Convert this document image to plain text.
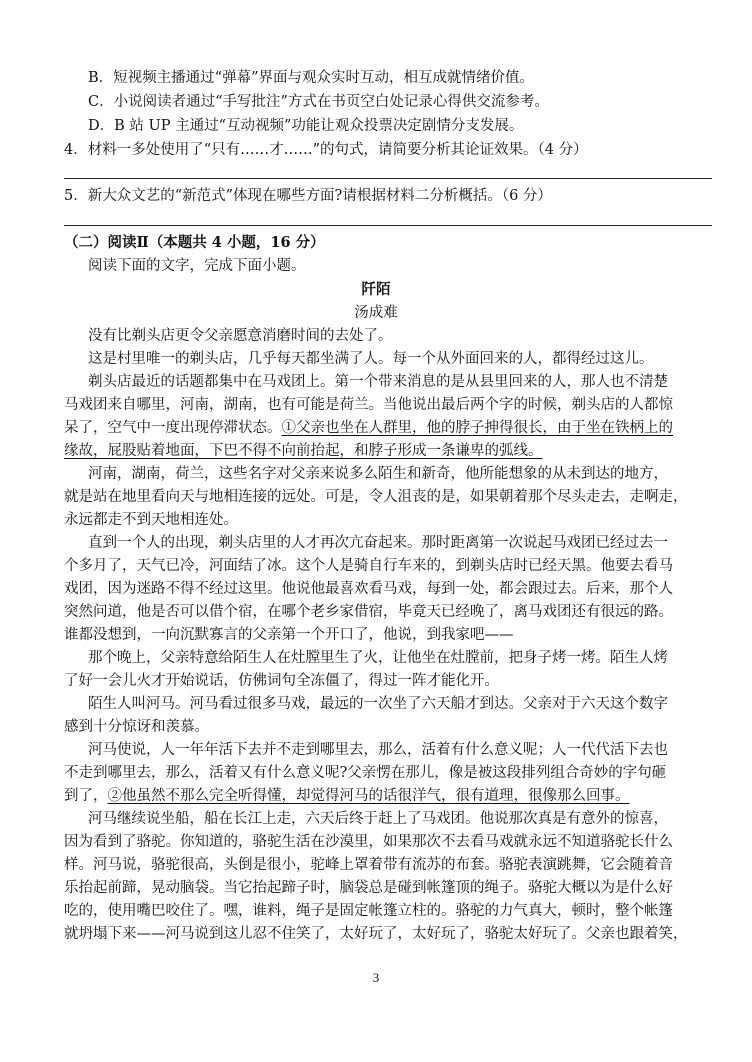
B．短视频主播通过“弹幕”界面与观众实时互动，相互成就情绪价值。
C．小说阅读者通过“手写批注”方式在书页空白处记录心得供交流参考。
D．B 站 UP 主通过“互动视频”功能让观众投票决定剧情分支发展。
4．材料一多处使用了“只有……才……”的句式，请简要分析其论证效果。（4 分）
5．新大众文艺的“新范式”体现在哪些方面?请根据材料二分析概括。（6 分）
（二）阅读Ⅱ（本题共 4 小题，16 分）
阅读下面的文字，完成下面小题。
阡陌
汤成难
没有比剃头店更令父亲愿意消磨时间的去处了。
这是村里唯一的剃头店，几乎每天都坐满了人。每一个从外面回来的人，都得经过这儿。
剃头店最近的话题都集中在马戏团上。第一个带来消息的是从县里回来的人，那人也不清楚
马戏团来自哪里，河南，湖南，也有可能是荷兰。当他说出最后两个字的时候，剃头店的人都惊
呆了，空气中一度出现停滞状态。①父亲也坐在人群里，他的脖子抻得很长，由于坐在铁柄上的
缘故，屁股贴着地面，下巴不得不向前抬起，和脖子形成一条谦卑的弧线。
河南，湖南，荷兰，这些名字对父亲来说多么陌生和新奇，他所能想象的从未到达的地方，
就是站在地里看向天与地相连接的远处。可是，令人沮丧的是，如果朝着那个尽头走去，走啊走，
永远都走不到天地相连处。
直到一个人的出现，剃头店里的人才再次亢奋起来。那时距离第一次说起马戏团已经过去一
个多月了，天气已冷，河面结了冰。这个人是骑自行车来的，到剃头店时已经天黑。他要去看马
戏团，因为迷路不得不经过这里。他说他最喜欢看马戏，每到一处，都会跟过去。后来，那个人
突然问道，他是否可以借个宿，在哪个老乡家借宿，毕竟天已经晚了，离马戏团还有很远的路。
谁都没想到，一向沉默寡言的父亲第一个开口了，他说，到我家吧——
那个晚上，父亲特意给陌生人在灶膛里生了火，让他坐在灶膛前，把身子烤一烤。陌生人烤
了好一会儿火才开始说话，仿佛词句全冻僵了，得过一阵才能化开。
陌生人叫河马。河马看过很多马戏，最远的一次坐了六天船才到达。父亲对于六天这个数字
感到十分惊讶和羡慕。
河马使说，人一年年活下去并不走到哪里去，那么，活着有什么意义呢；人一代代活下去也
不走到哪里去，那么，活着又有什么意义呢?父亲愣在那儿，像是被这段排列组合奇妙的字句砸
到了，②他虽然不那么完全听得懂，却觉得河马的话很洋气，很有道理，很像那么回事。
河马继续说坐船，船在长江上走，六天后终于赶上了马戏团。他说那次真是有意外的惊喜，
因为看到了骆驼。你知道的，骆驼生活在沙漠里，如果那次不去看马戏就永远不知道骆驼长什么
样。河马说，骆驼很高，头倒是很小，驼峰上罩着带有流苏的布套。骆驼表演跳舞，它会随着音
乐抬起前蹄，晃动脑袋。当它抬起蹄子时，脑袋总是碰到帐篷顶的绳子。骆驼大概以为是什么好
吃的，使用嘴巴咬住了。嘿，谁料，绳子是固定帐篷立柱的。骆驼的力气真大，顿时，整个帐篷
就坍塌下来——河马说到这儿忍不住笑了，太好玩了，太好玩了，骆驼太好玩了。父亲也跟着笑，
3
